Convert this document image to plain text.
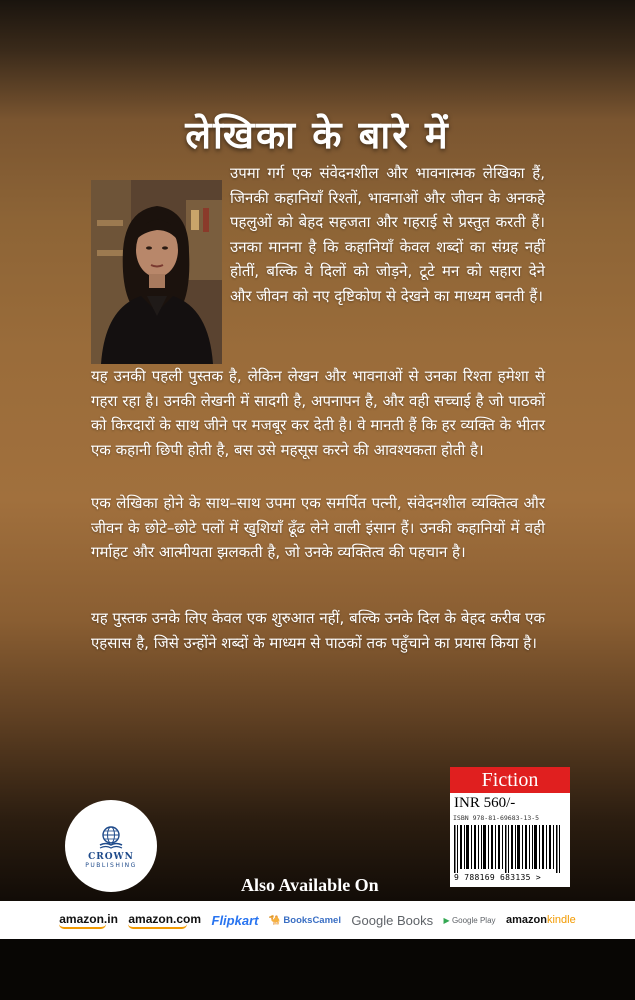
लेखिका के बारे में
उपमा गर्ग एक संवेदनशील और भावनात्मक लेखिका हैं, जिनकी कहानियाँ रिश्तों, भावनाओं और जीवन के अनकहे पहलुओं को बेहद सहजता और गहराई से प्रस्तुत करती हैं। उनका मानना है कि कहानियाँ केवल शब्दों का संग्रह नहीं होतीं, बल्कि वे दिलों को जोड़ने, टूटे मन को सहारा देने और जीवन को नए दृष्टिकोण से देखने का माध्यम बनती हैं।
यह उनकी पहली पुस्तक है, लेकिन लेखन और भावनाओं से उनका रिश्ता हमेशा से गहरा रहा है। उनकी लेखनी में सादगी है, अपनापन है, और वही सच्चाई है जो पाठकों को किरदारों के साथ जीने पर मजबूर कर देती है। वे मानती हैं कि हर व्यक्ति के भीतर एक कहानी छिपी होती है, बस उसे महसूस करने की आवश्यकता होती है।
एक लेखिका होने के साथ–साथ उपमा एक समर्पित पत्नी, संवेदनशील व्यक्तित्व और जीवन के छोटे–छोटे पलों में खुशियाँ ढूँढ लेने वाली इंसान हैं। उनकी कहानियों में वही गर्माहट और आत्मीयता झलकती है, जो उनके व्यक्तित्व की पहचान है।
यह पुस्तक उनके लिए केवल एक शुरुआत नहीं, बल्कि उनके दिल के बेहद करीब एक एहसास है, जिसे उन्होंने शब्दों के माध्यम से पाठकों तक पहुँचाने का प्रयास किया है।
CROWN
PUBLISHING
Also Available On
Fiction
INR 560/-
ISBN 978-81-69683-13-5
9 788169 683135 >
amazon.in amazon.com Flipkart 🐪 BooksCamel Google Books ▶ Google Play amazonkindle
